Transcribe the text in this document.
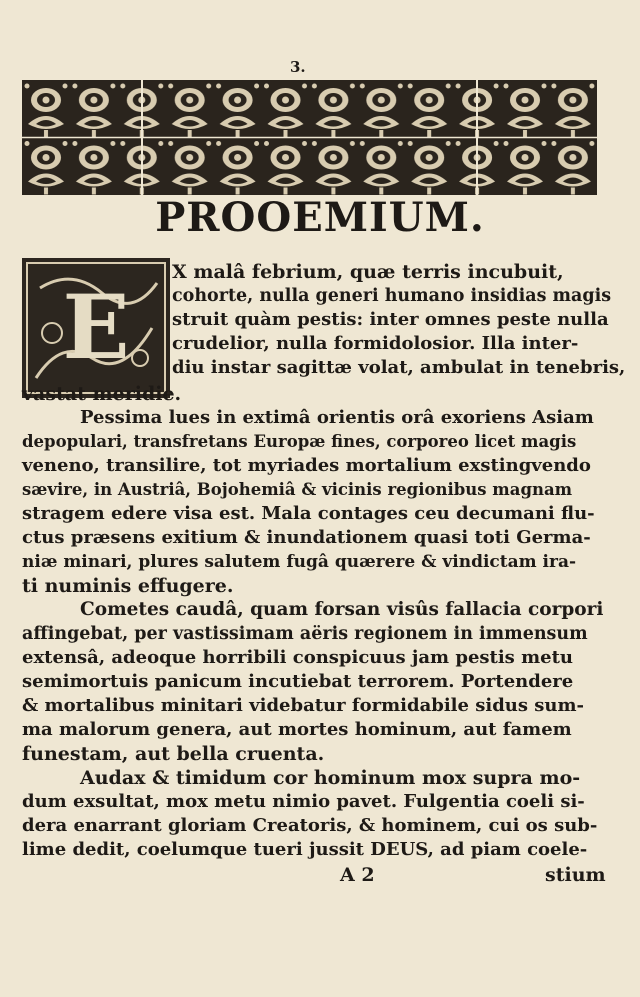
3.
PROOEMIUM.
E
X malâ febrium, quæ terris incubuit,
cohorte, nulla generi humano insidias magis
struit quàm pestis: inter omnes peste nulla
crudelior, nulla formidolosior. Illa inter-
diu instar sagittæ volat, ambulat in tenebris,
vastat meridie.
Pessima lues in extimâ orientis orâ exoriens Asiam
depopulari, transfretans Europæ fines, corporeo licet magis
veneno, transilire, tot myriades mortalium exstingvendo
sævire, in Austriâ, Bojohemiâ & vicinis regionibus magnam
stragem edere visa est. Mala contages ceu decumani flu-
ctus præsens exitium & inundationem quasi toti Germa-
niæ minari, plures salutem fugâ quærere & vindictam ira-
ti numinis effugere.
Cometes caudâ, quam forsan visûs fallacia corpori
affingebat, per vastissimam aëris regionem in immensum
extensâ, adeoque horribili conspicuus jam pestis metu
semimortuis panicum incutiebat terrorem. Portendere
& mortalibus minitari videbatur formidabile sidus sum-
ma malorum genera, aut mortes hominum, aut famem
funestam, aut bella cruenta.
Audax & timidum cor hominum mox supra mo-
dum exsultat, mox metu nimio pavet. Fulgentia coeli si-
dera enarrant gloriam Creatoris, & hominem, cui os sub-
lime dedit, coelumque tueri jussit DEUS, ad piam coele-
A 2	stium
